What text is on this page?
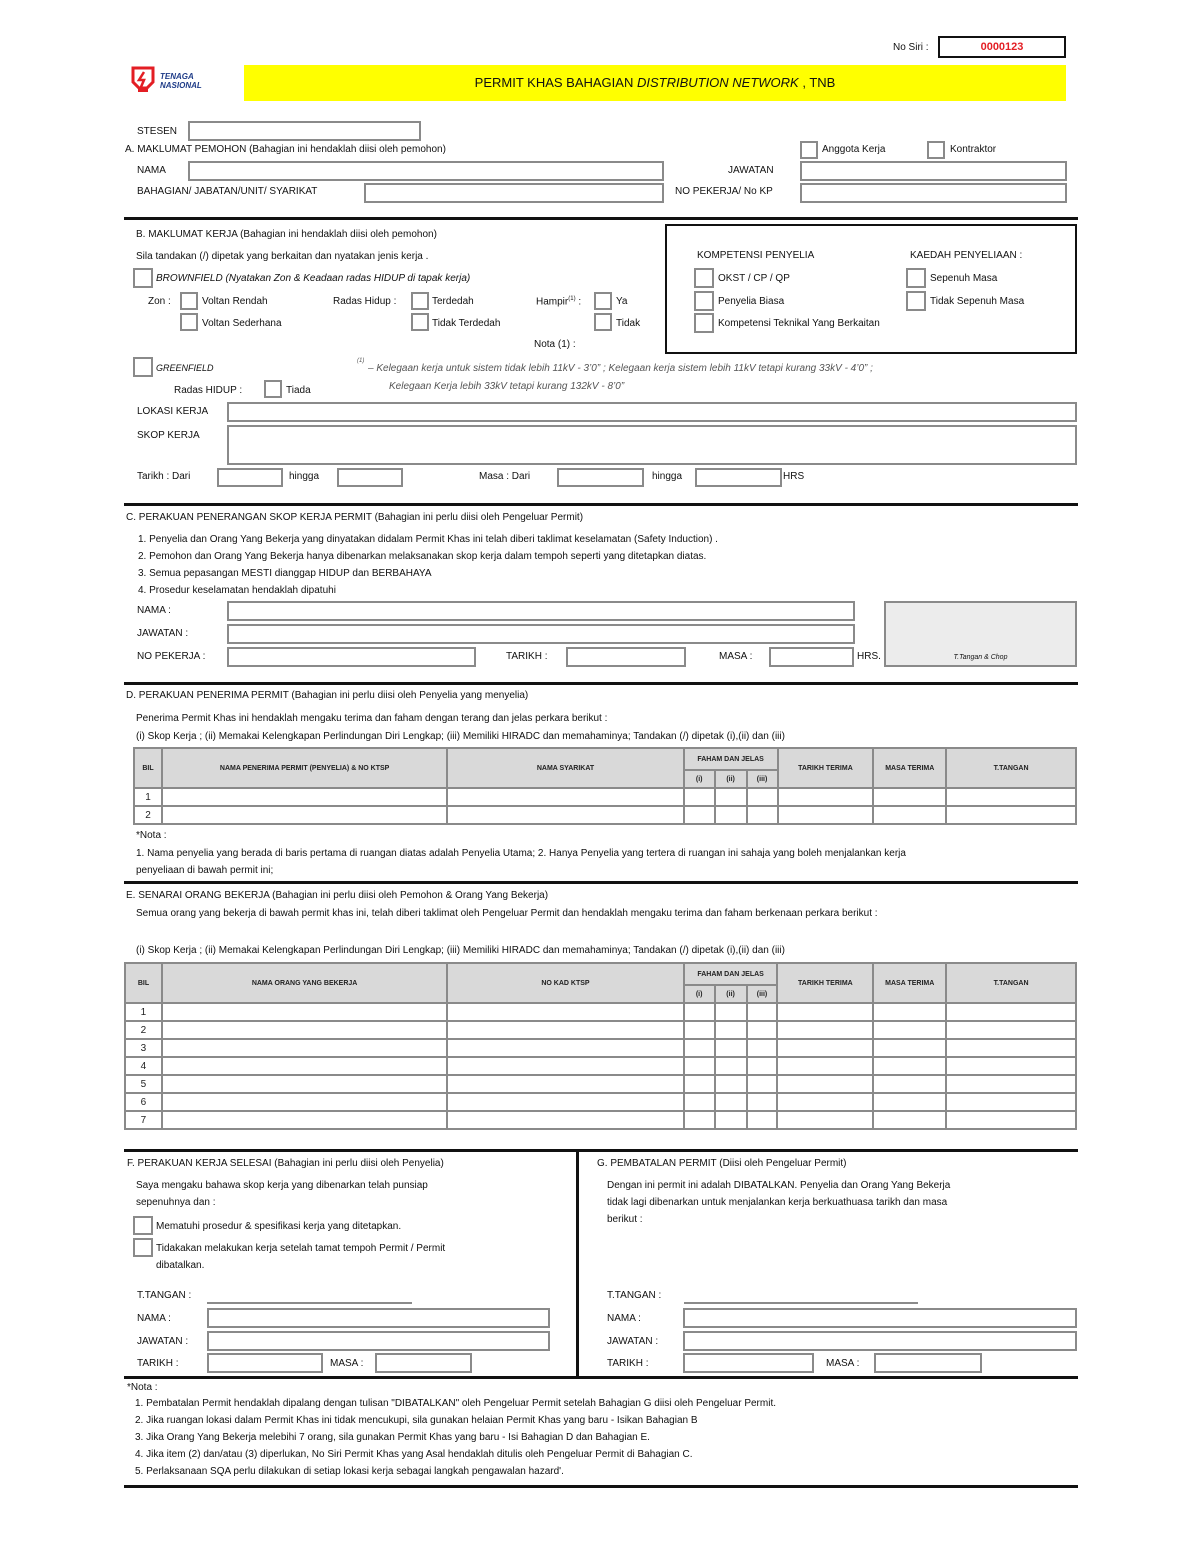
No Siri :	0000123
TENAGA
NASIONAL	PERMIT KHAS BAHAGIAN DISTRIBUTION NETWORK , TNB
STESEN
A. MAKLUMAT PEMOHON (Bahagian ini hendaklah diisi oleh pemohon)	Anggota Kerja	Kontraktor
NAMA	JAWATAN
BAHAGIAN/ JABATAN/UNIT/ SYARIKAT	NO PEKERJA/ No KP
B. MAKLUMAT KERJA (Bahagian ini hendaklah diisi oleh pemohon)
Sila tandakan (/) dipetak yang berkaitan dan nyatakan jenis kerja .
BROWNFIELD (Nyatakan Zon & Keadaan radas HIDUP di tapak kerja)
Zon :	Voltan Rendah
Voltan Sederhana
Radas Hidup :	Terdedah
Tidak Terdedah
Hampir$^{(1)}$ :	Ya
Tidak
Nota (1) :
KOMPETENSI PENYELIA
OKST / CP / QP
Penyelia Biasa
Kompetensi Teknikal Yang Berkaitan
KAEDAH PENYELIAAN :
Sepenuh Masa
Tidak Sepenuh Masa
GREENFIELD
Radas HIDUP :	Tiada
(1)
– Kelegaan kerja untuk sistem tidak lebih 11kV - 3’0” ; Kelegaan kerja sistem lebih 11kV tetapi kurang 33kV - 4’0” ;
Kelegaan Kerja lebih 33kV tetapi kurang 132kV - 8’0”
LOKASI KERJA
SKOP KERJA
Tarikh : Dari	hingga	Masa : Dari	hingga	HRS
C. PERAKUAN PENERANGAN SKOP KERJA PERMIT (Bahagian ini perlu diisi oleh Pengeluar Permit)
1. Penyelia dan Orang Yang Bekerja yang dinyatakan didalam Permit Khas ini telah diberi taklimat keselamatan (Safety Induction) .
2. Pemohon dan Orang Yang Bekerja hanya dibenarkan melaksanakan skop kerja dalam tempoh seperti yang ditetapkan diatas.
3. Semua pepasangan MESTI dianggap HIDUP dan BERBAHAYA
4. Prosedur keselamatan hendaklah dipatuhi
NAMA :
JAWATAN :
NO PEKERJA :	TARIKH :	MASA :	HRS.	T.Tangan & Chop
D. PERAKUAN PENERIMA PERMIT (Bahagian ini perlu diisi oleh Penyelia yang menyelia)
Penerima Permit Khas ini hendaklah mengaku terima dan faham dengan terang dan jelas perkara berikut :
(i) Skop Kerja ; (ii) Memakai Kelengkapan Perlindungan Diri Lengkap; (iii) Memiliki HIRADC dan memahaminya; Tandakan (/) dipetak (i),(ii) dan (iii)
BIL	NAMA PENERIMA PERMIT (PENYELIA) & NO KTSP	NAMA SYARIKAT	FAHAM DAN JELAS			TARIKH TERIMA	MASA TERIMA	T.TANGAN
			(i)	(ii)	(iii)			
1								
2								
*Nota :
1. Nama penyelia yang berada di baris pertama di ruangan diatas adalah Penyelia Utama; 2. Hanya Penyelia yang tertera di ruangan ini sahaja yang boleh menjalankan kerja
penyeliaan di bawah permit ini;
E. SENARAI ORANG BEKERJA (Bahagian ini perlu diisi oleh Pemohon & Orang Yang Bekerja)
Semua orang yang bekerja di bawah permit khas ini, telah diberi taklimat oleh Pengeluar Permit dan hendaklah mengaku terima dan faham berkenaan perkara berikut :
(i) Skop Kerja ; (ii) Memakai Kelengkapan Perlindungan Diri Lengkap; (iii) Memiliki HIRADC dan memahaminya; Tandakan (/) dipetak (i),(ii) dan (iii)
BIL	NAMA ORANG YANG BEKERJA	NO KAD KTSP	FAHAM DAN JELAS			TARIKH TERIMA	MASA TERIMA	T.TANGAN
			(i)	(ii)	(iii)			
1								
2								
3								
4								
5								
6								
7								
F. PERAKUAN KERJA SELESAI (Bahagian ini perlu diisi oleh Penyelia)
Saya mengaku bahawa skop kerja yang dibenarkan telah punsiap
sepenuhnya dan :
Mematuhi prosedur & spesifikasi kerja yang ditetapkan.
Tidakakan melakukan kerja setelah tamat tempoh Permit / Permit
dibatalkan.
T.TANGAN :
NAMA :
JAWATAN :
TARIKH :	MASA :
G. PEMBATALAN PERMIT (Diisi oleh Pengeluar Permit)
Dengan ini permit ini adalah DIBATALKAN. Penyelia dan Orang Yang Bekerja
tidak lagi dibenarkan untuk menjalankan kerja berkuathuasa tarikh dan masa
berikut :
T.TANGAN :
NAMA :
JAWATAN :
TARIKH :	MASA :
*Nota :
1. Pembatalan Permit hendaklah dipalang dengan tulisan "DIBATALKAN" oleh Pengeluar Permit setelah Bahagian G diisi oleh Pengeluar Permit.
2. Jika ruangan lokasi dalam Permit Khas ini tidak mencukupi, sila gunakan helaian Permit Khas yang baru - Isikan Bahagian B
3. Jika Orang Yang Bekerja melebihi 7 orang, sila gunakan Permit Khas yang baru - Isi Bahagian D dan Bahagian E.
4. Jika item (2) dan/atau (3) diperlukan, No Siri Permit Khas yang Asal hendaklah ditulis oleh Pengeluar Permit di Bahagian C.
5. Perlaksanaan SQA perlu dilakukan di setiap lokasi kerja sebagai langkah pengawalan hazard'.
